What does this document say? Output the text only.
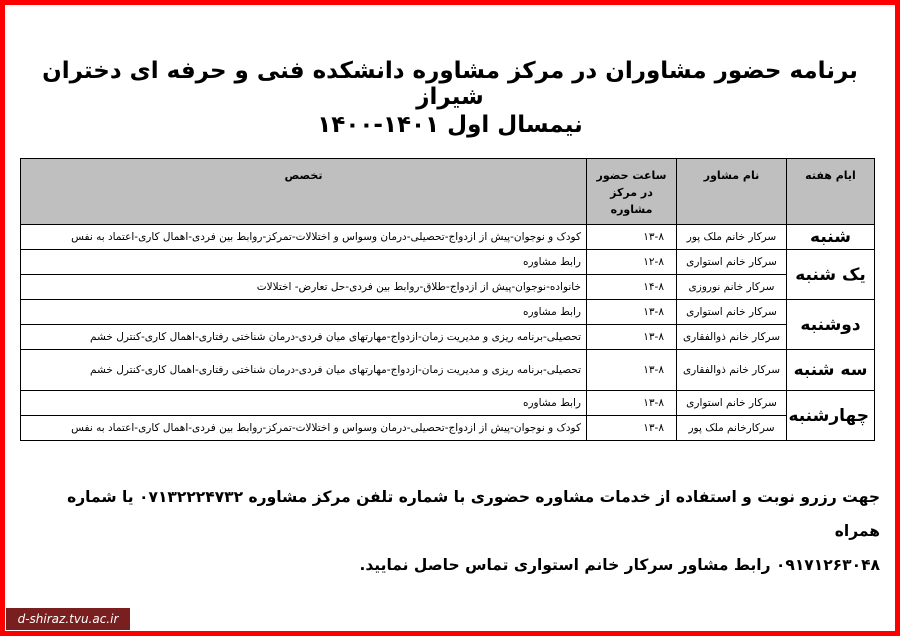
برنامه حضور مشاوران در مرکز مشاوره دانشکده فنی و حرفه ای دختران شیراز
نیمسال اول ۱۴۰۱-۱۴۰۰
ایام هفته	نام مشاور	ساعت حضور در مرکز مشاوره	تخصص
شنبه	سرکار خانم ملک پور	۱۳-۸	کودک و نوجوان-پیش از ازدواج-تحصیلی-درمان وسواس و اختلالات-تمرکز-روابط بین فردی-اهمال کاری-اعتماد به نفس
یک شنبه	سرکار خانم استواری	۱۲-۸	رابط مشاوره
	سرکار خانم نوروزی	۱۴-۸	خانواده-نوجوان-پیش از ازدواج-طلاق-روابط بین فردی-حل تعارض- اختلالات
دوشنبه	سرکار خانم استواری	۱۳-۸	رابط مشاوره
	سرکار خانم ذوالفقاری	۱۳-۸	تحصیلی-برنامه ریزی و مدیریت زمان-ازدواج-مهارتهای میان فردی-درمان شناختی رفتاری-اهمال کاری-کنترل خشم
سه شنبه	سرکار خانم ذوالفقاری	۱۳-۸	تحصیلی-برنامه ریزی و مدیریت زمان-ازدواج-مهارتهای میان فردی-درمان شناختی رفتاری-اهمال کاری-کنترل خشم
چهارشنبه	سرکار خانم استواری	۱۳-۸	رابط مشاوره
	سرکارخانم ملک پور	۱۳-۸	کودک و نوجوان-پیش از ازدواج-تحصیلی-درمان وسواس و اختلالات-تمرکز-روابط بین فردی-اهمال کاری-اعتماد به نفس
جهت رزرو نوبت و استفاده از خدمات مشاوره حضوری با شماره تلفن مرکز مشاوره ۰۷۱۳۲۲۲۴۷۳۲ یا شماره همراه
۰۹۱۷۱۲۶۳۰۴۸ رابط مشاور سرکار خانم استواری تماس حاصل نمایید.
d-shiraz.tvu.ac.ir
